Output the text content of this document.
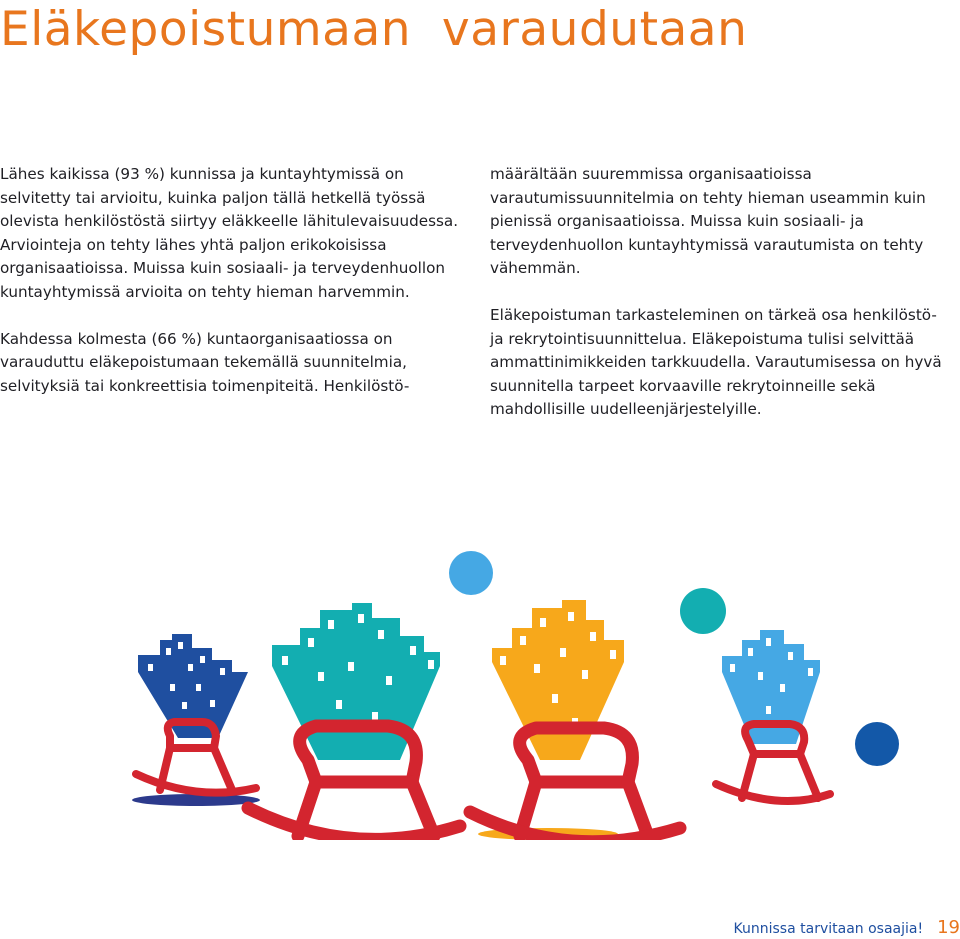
Eläkepoistumaan  varaudutaan

Lähes kaikissa (93 %) kunnissa ja kuntayhtymissä on selvitetty tai arvioitu, kuinka paljon tällä hetkellä työssä olevista henkilöstöstä siirtyy eläkkeelle lähitulevaisuudessa. Arviointeja on tehty lähes yhtä paljon erikokoisissa organisaatioissa. Muissa kuin sosiaali- ja terveydenhuollon kuntayhtymissä arvioita on tehty hieman harvemmin.

Kahdessa kolmesta (66 %) kuntaorganisaatiossa on varauduttu eläkepoistumaan tekemällä suunnitelmia, selvityksiä tai konkreettisia toimenpiteitä. Henkilöstö-

määrältään suuremmissa organisaatioissa varautumissuunnitelmia on tehty hieman useammin kuin pienissä organisaatioissa. Muissa kuin sosiaali- ja terveydenhuollon kuntayhtymissä varautumista on tehty vähemmän.

Eläkepoistuman tarkasteleminen on tärkeä osa henkilöstö- ja rekrytointisuunnittelua. Eläkepoistuma tulisi selvittää ammattinimikkeiden tarkkuudella. Varautumisessa on hyvä suunnitella tarpeet korvaaville rekrytoinneille sekä mahdollisille uudelleenjärjestelyille.

Kunnissa tarvitaan osaajia! 19
